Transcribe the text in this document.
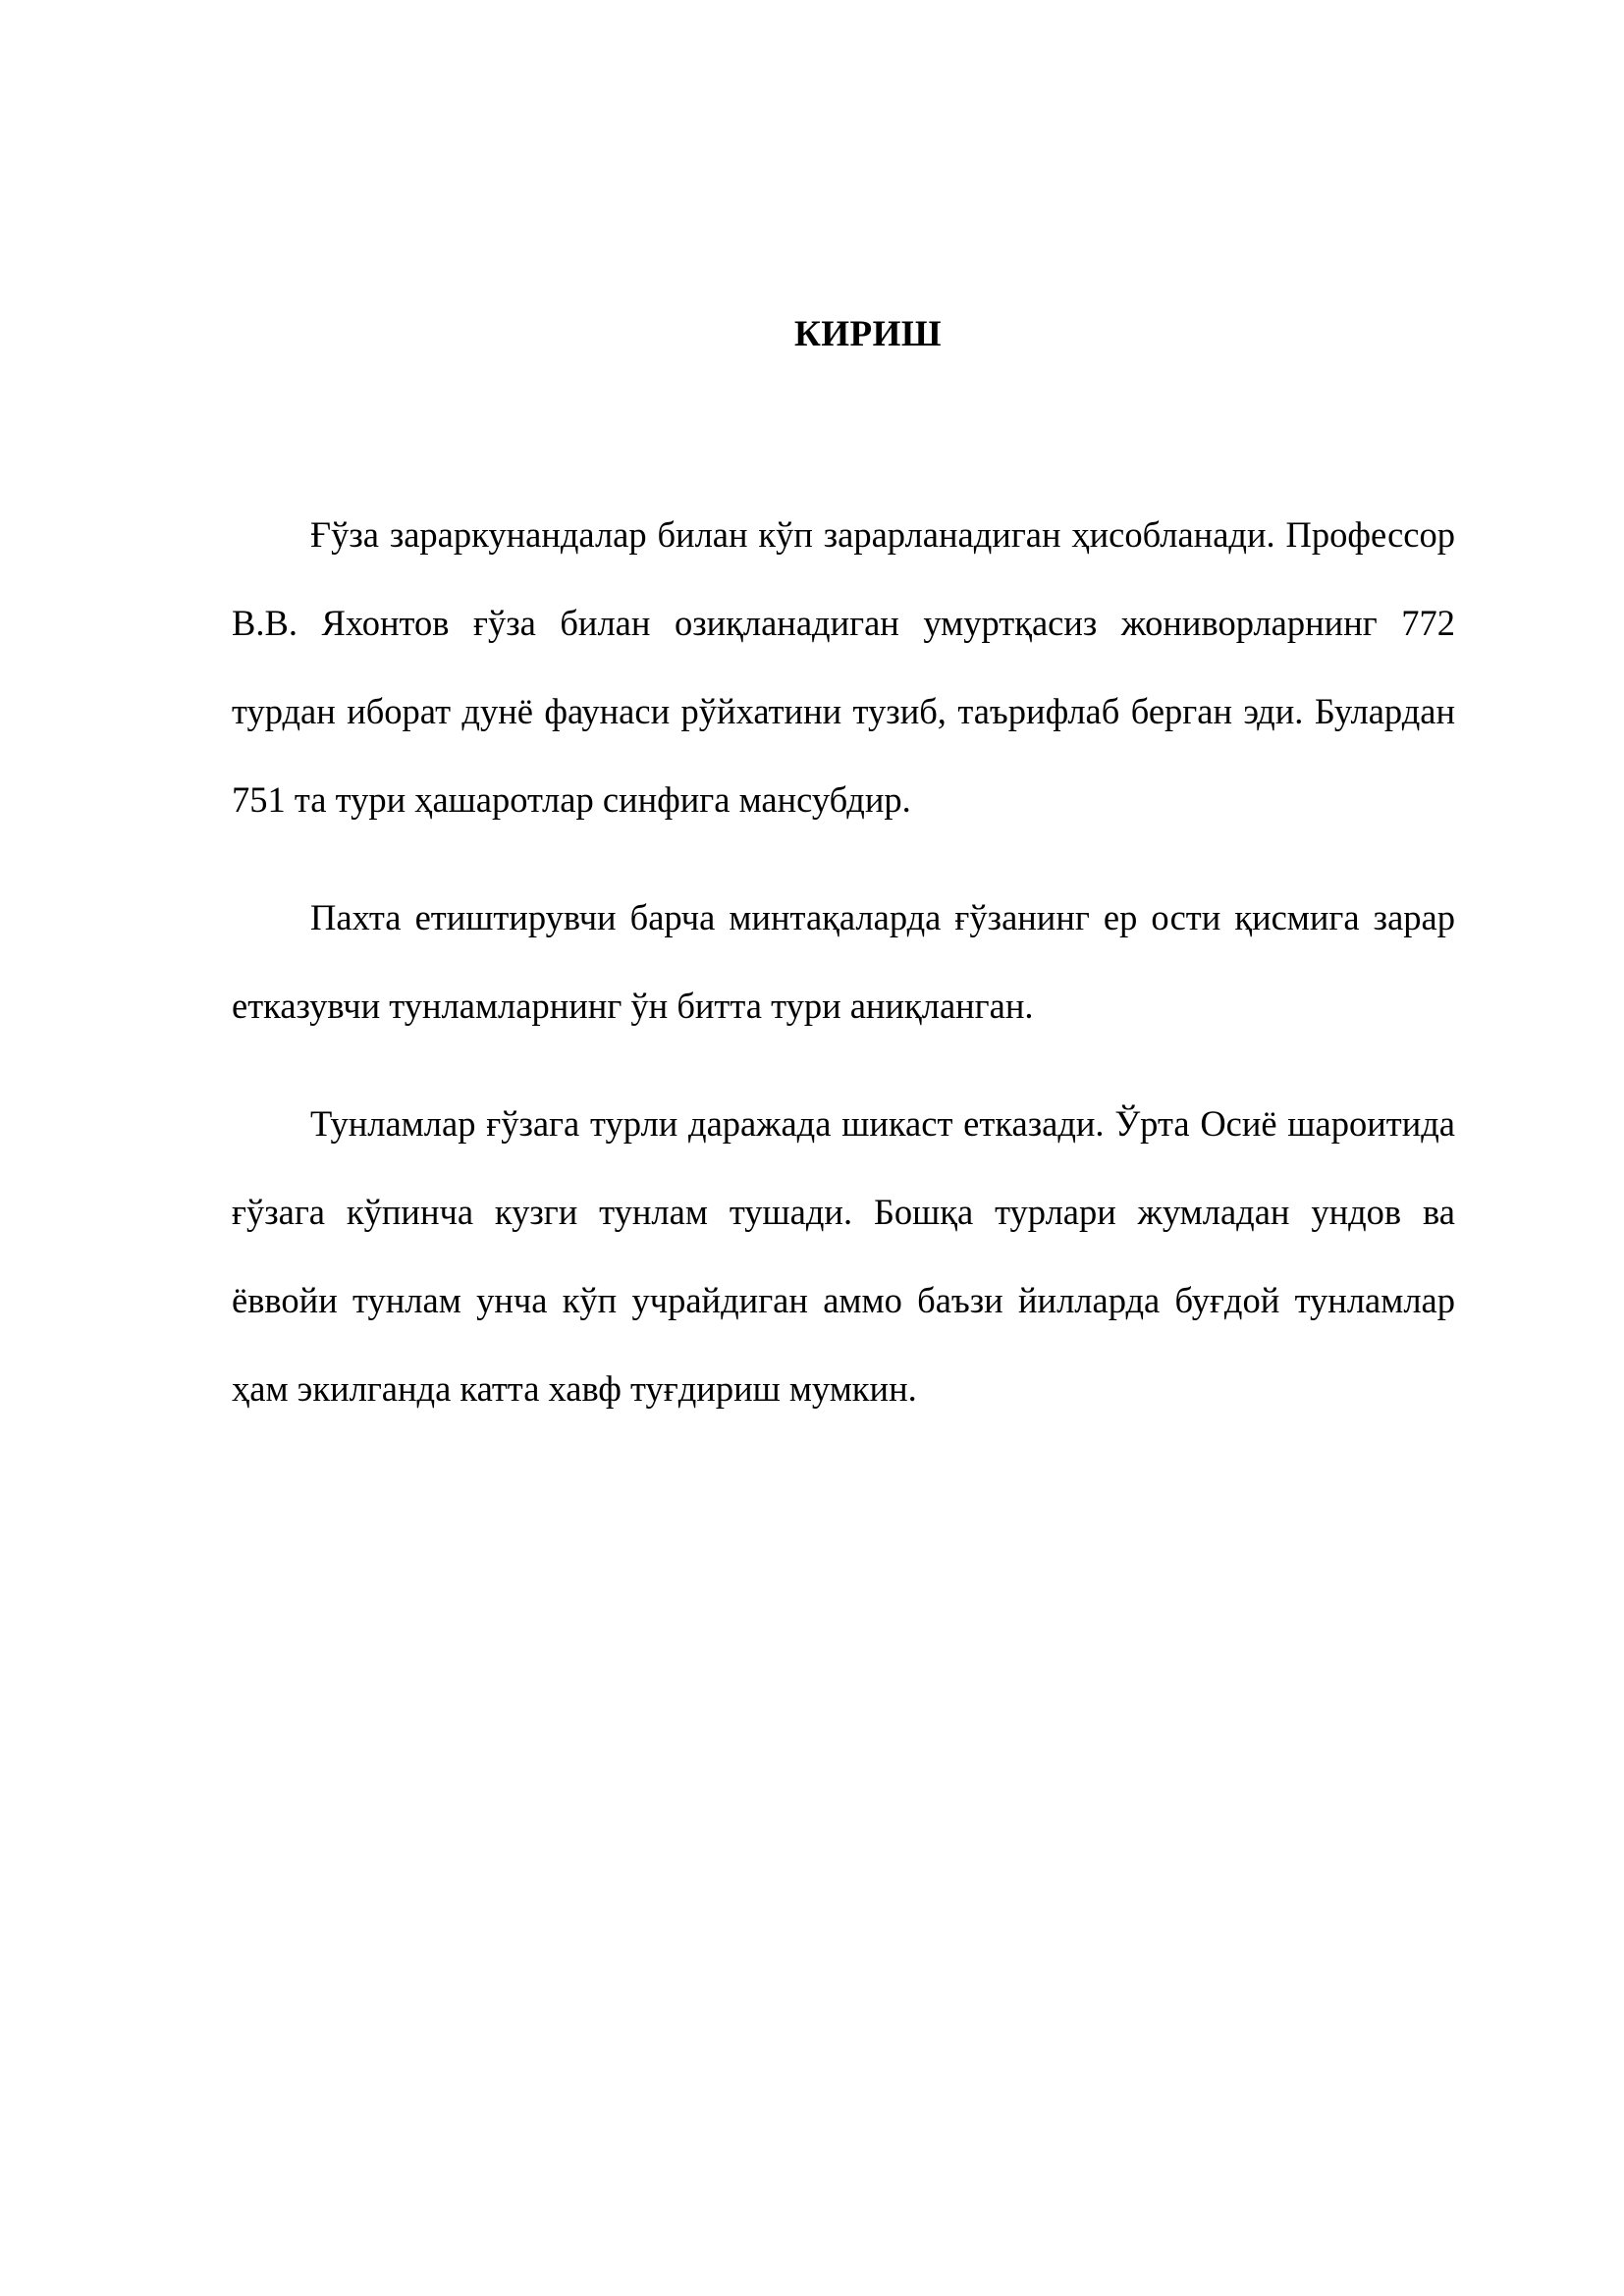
КИРИШ

Ғўза зараркунандалар билан кўп зарарланадиган ҳисобланади. Профессор В.В. Яхонтов ғўза билан озиқланадиган умуртқасиз жониворларнинг 772 турдан иборат дунё фаунаси рўйхатини тузиб, таърифлаб берган эди. Булардан 751 та тури ҳашаротлар синфига мансубдир.

Пахта етиштирувчи барча минтақаларда ғўзанинг ер ости қисмига зарар етказувчи тунламларнинг ўн битта тури аниқланган.

Тунламлар ғўзага турли даражада шикаст етказади. Ўрта Осиё шароитида ғўзага кўпинча кузги тунлам тушади. Бошқа турлари жумладан ундов ва ёввойи тунлам унча кўп учрайдиган аммо баъзи йилларда буғдой тунламлар ҳам экилганда катта хавф туғдириш мумкин.
